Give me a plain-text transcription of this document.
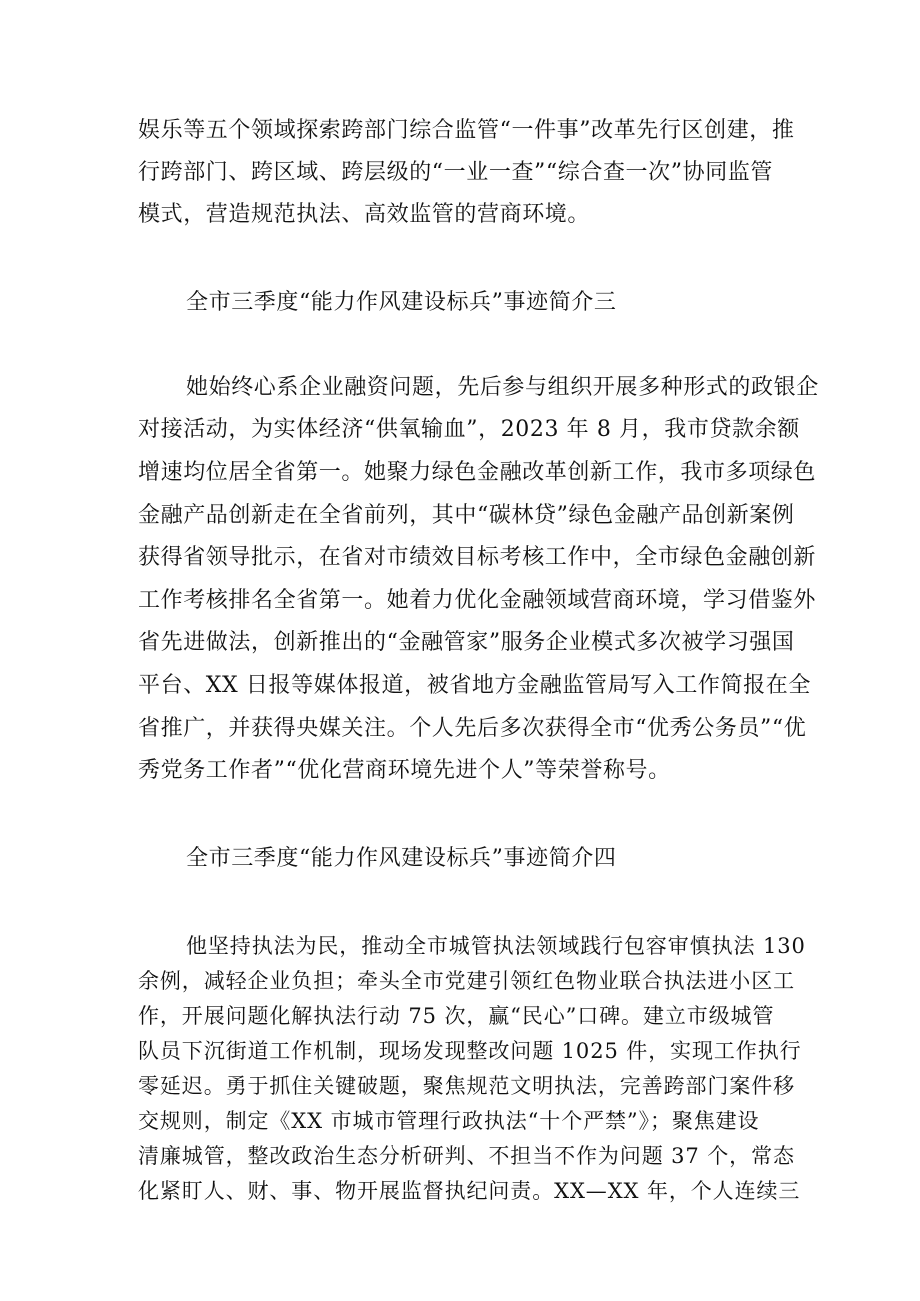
娱乐等五个领域探索跨部门综合监管“一件事”改革先行区创建，推
行跨部门、跨区域、跨层级的“一业一查”“综合查一次”协同监管
模式，营造规范执法、高效监管的营商环境。
全市三季度“能力作风建设标兵”事迹简介三
她始终心系企业融资问题，先后参与组织开展多种形式的政银企
对接活动，为实体经济“供氧输血”，2023 年 8 月，我市贷款余额
增速均位居全省第一。她聚力绿色金融改革创新工作，我市多项绿色
金融产品创新走在全省前列，其中“碳林贷”绿色金融产品创新案例
获得省领导批示，在省对市绩效目标考核工作中，全市绿色金融创新
工作考核排名全省第一。她着力优化金融领域营商环境，学习借鉴外
省先进做法，创新推出的“金融管家”服务企业模式多次被学习强国
平台、XX 日报等媒体报道，被省地方金融监管局写入工作简报在全
省推广，并获得央媒关注。个人先后多次获得全市“优秀公务员”“优
秀党务工作者”“优化营商环境先进个人”等荣誉称号。
全市三季度“能力作风建设标兵”事迹简介四
他坚持执法为民，推动全市城管执法领域践行包容审慎执法 130
余例，减轻企业负担；牵头全市党建引领红色物业联合执法进小区工
作，开展问题化解执法行动 75 次，赢“民心”口碑。建立市级城管
队员下沉街道工作机制，现场发现整改问题 1025 件，实现工作执行
零延迟。勇于抓住关键破题，聚焦规范文明执法，完善跨部门案件移
交规则，制定《XX 市城市管理行政执法“十个严禁”》；聚焦建设
清廉城管，整改政治生态分析研判、不担当不作为问题 37 个，常态
化紧盯人、财、事、物开展监督执纪问责。XX—XX 年，个人连续三
